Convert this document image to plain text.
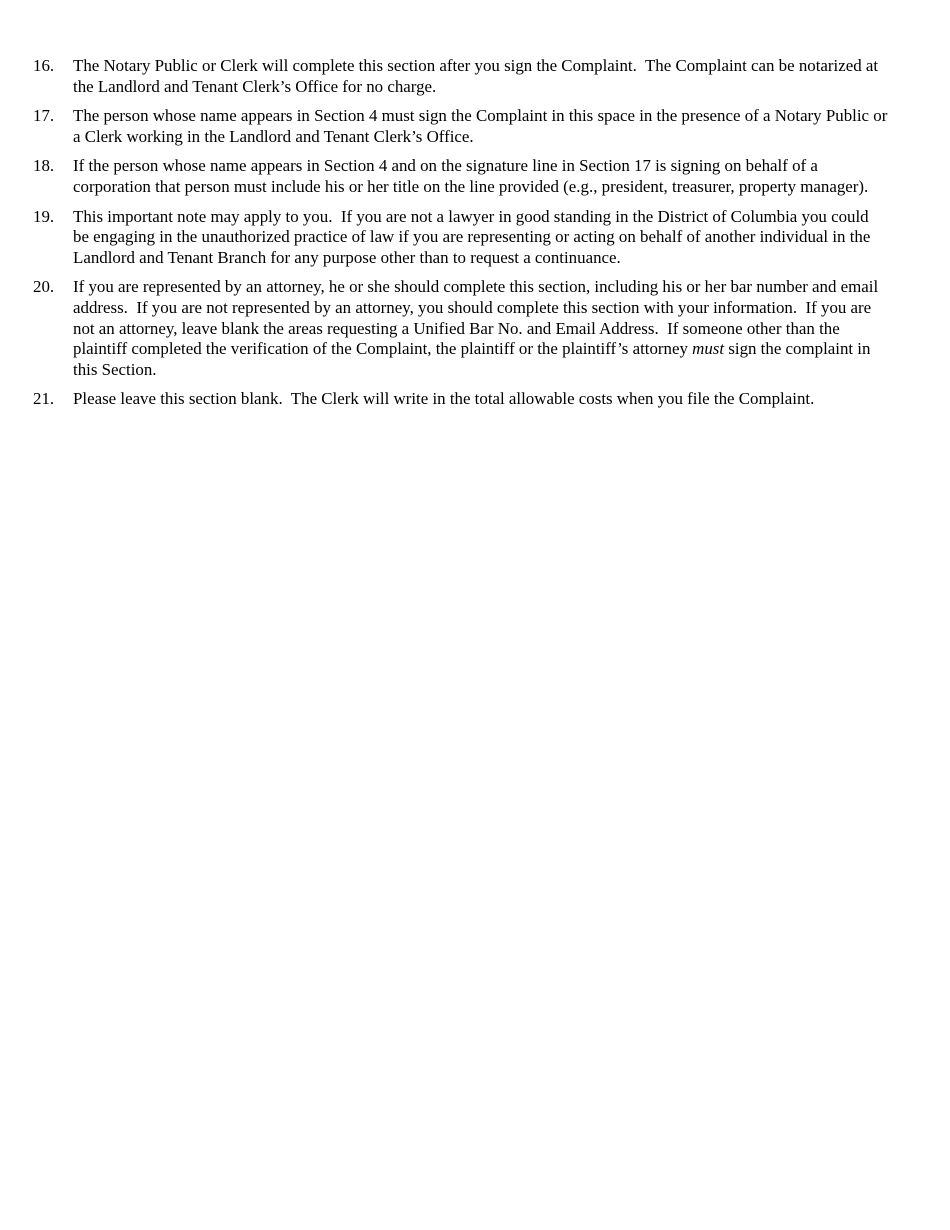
16.	The Notary Public or Clerk will complete this section after you sign the Complaint.  The Complaint can be notarized at the Landlord and Tenant Clerk’s Office for no charge.
17.	The person whose name appears in Section 4 must sign the Complaint in this space in the presence of a Notary Public or a Clerk working in the Landlord and Tenant Clerk’s Office.
18.	If the person whose name appears in Section 4 and on the signature line in Section 17 is signing on behalf of a corporation that person must include his or her title on the line provided (e.g., president, treasurer, property manager).
19.	This important note may apply to you.  If you are not a lawyer in good standing in the District of Columbia you could be engaging in the unauthorized practice of law if you are representing or acting on behalf of another individual in the Landlord and Tenant Branch for any purpose other than to request a continuance.
20.	If you are represented by an attorney, he or she should complete this section, including his or her bar number and email address.  If you are not represented by an attorney, you should complete this section with your information.  If you are not an attorney, leave blank the areas requesting a Unified Bar No. and Email Address.  If someone other than the plaintiff completed the verification of the Complaint, the plaintiff or the plaintiff’s attorney must sign the complaint in this Section.
21.	Please leave this section blank.  The Clerk will write in the total allowable costs when you file the Complaint.
